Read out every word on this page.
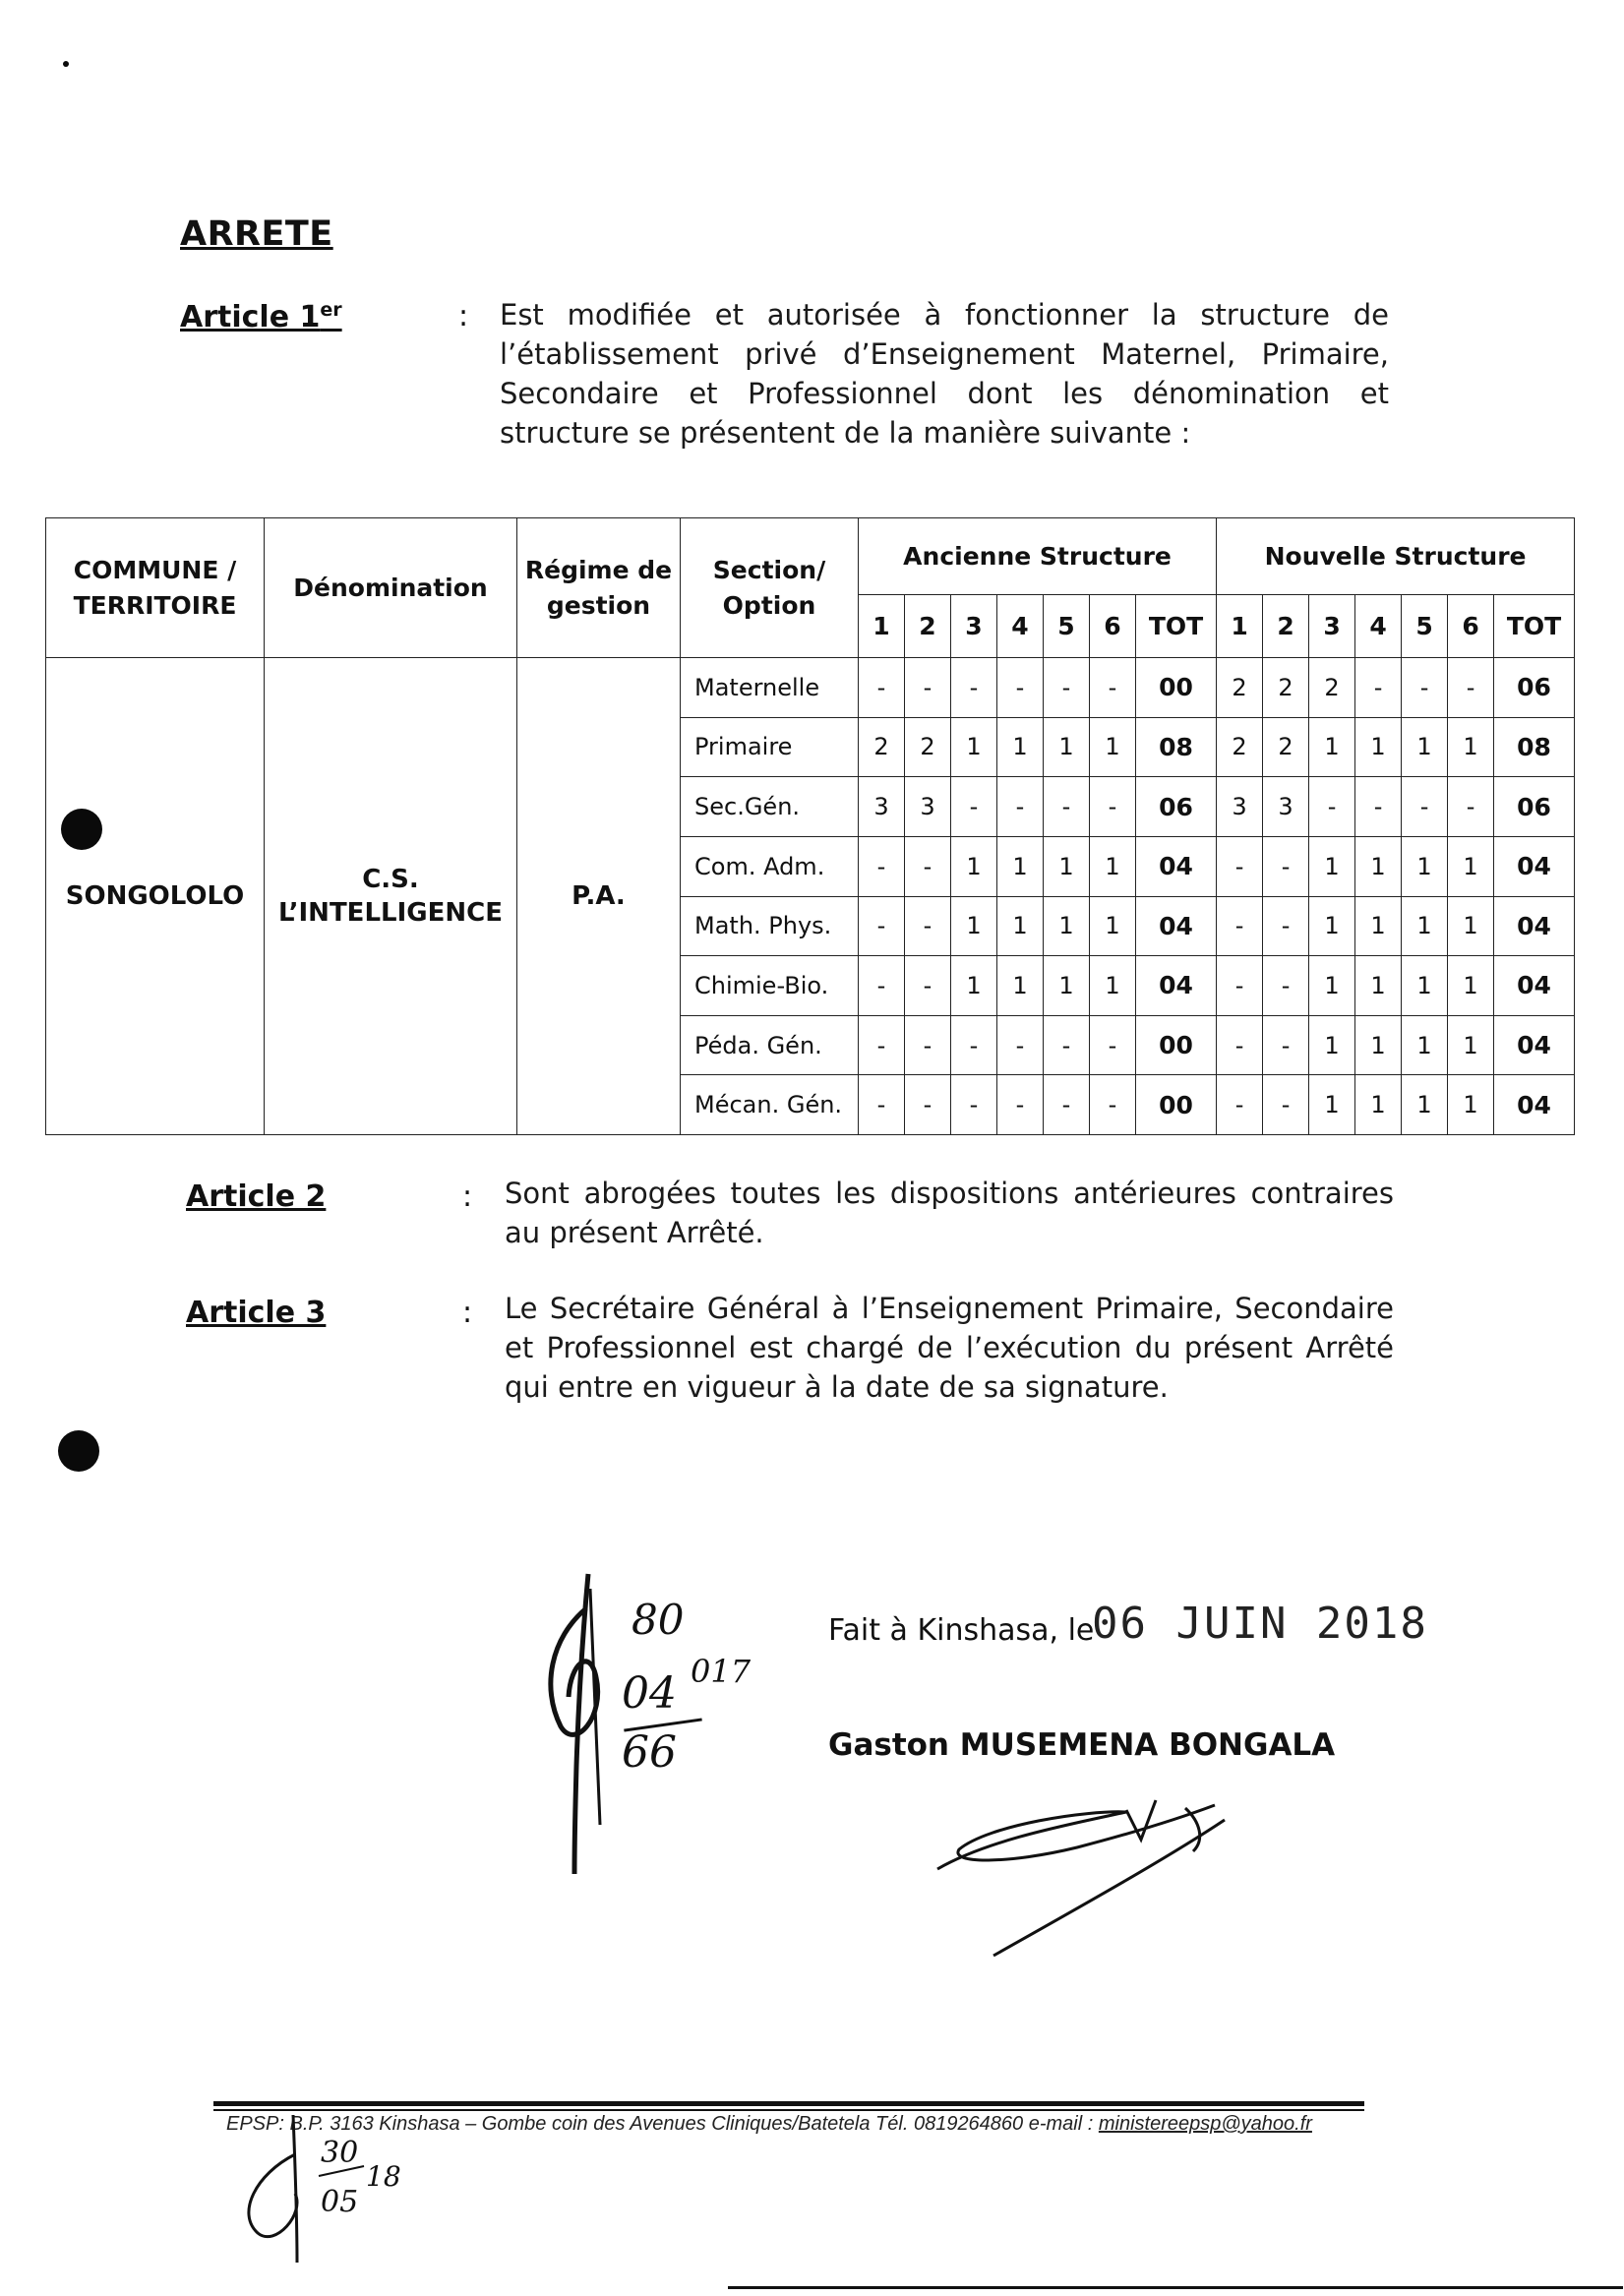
ARRETE
Article 1er	: Est modifiée et autorisée à fonctionner la structure de l’établissement privé d’Enseignement Maternel, Primaire, Secondaire et Professionnel dont les dénomination et structure se présentent de la manière suivante :
COMMUNE / TERRITOIRE	Dénomination	Régime de gestion	Section/ Option	Ancienne Structure							Nouvelle Structure						
				1	2	3	4	5	6	TOT	1	2	3	4	5	6	TOT
SONGOLOLO	C.S. L’INTELLIGENCE	P.A.	Maternelle	-	-	-	-	-	-	00	2	2	2	-	-	-	06
			Primaire	2	2	1	1	1	1	08	2	2	1	1	1	1	08
			Sec.Gén.	3	3	-	-	-	-	06	3	3	-	-	-	-	06
			Com. Adm.	-	-	1	1	1	1	04	-	-	1	1	1	1	04
			Math. Phys.	-	-	1	1	1	1	04	-	-	1	1	1	1	04
			Chimie-Bio.	-	-	1	1	1	1	04	-	-	1	1	1	1	04
			Péda. Gén.	-	-	-	-	-	-	00	-	-	1	1	1	1	04
			Mécan. Gén.	-	-	-	-	-	-	00	-	-	1	1	1	1	04
Article 2	: Sont abrogées toutes les dispositions antérieures contraires au présent Arrêté.
Article 3	: Le Secrétaire Général à l’Enseignement Primaire, Secondaire et Professionnel est chargé de l’exécution du présent Arrêté qui entre en vigueur à la date de sa signature.
80
04 017
66
Fait à Kinshasa, le
06 JUIN 2018
Gaston MUSEMENA BONGALA
EPSP: B.P. 3163 Kinshasa – Gombe coin des Avenues Cliniques/Batetela Tél. 0819264860 e-mail : ministereepsp@yahoo.fr
30
05
18
